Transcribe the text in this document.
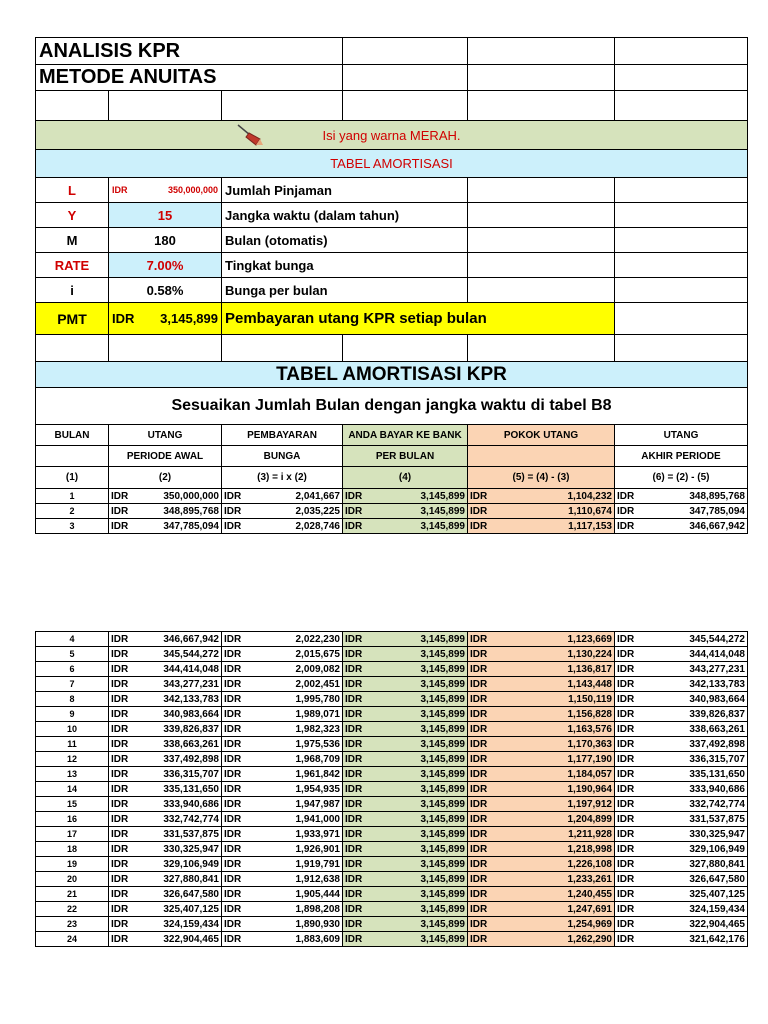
ANALISIS KPR					
METODE ANUITAS					

Isi yang warna MERAH.					

TABEL AMORTISASI					
L	IDR 350,000,000	Jumlah Pinjaman			
Y	15	Jangka waktu (dalam tahun)			
M	180	Bulan (otomatis)			
RATE	7.00%	Tingkat bunga			
i	0.58%	Bunga per bulan			
PMT	IDR 3,145,899	Pembayaran utang KPR setiap bulan			

TABEL AMORTISASI KPR					
Sesuaikan Jumlah Bulan dengan jangka waktu di tabel B8					
BULAN	UTANG	PEMBAYARAN	ANDA BAYAR KE BANK	POKOK UTANG	UTANG
	PERIODE AWAL	BUNGA	PER BULAN		AKHIR PERIODE
(1)	(2)	(3) = i x (2)	(4)	(5) = (4) - (3)	(6) = (2) - (5)
1	IDR 350,000,000	IDR 2,041,667	IDR 3,145,899	IDR 1,104,232	IDR 348,895,768

2	IDR 348,895,768	IDR 2,035,225	IDR 3,145,899	IDR 1,110,674	IDR 347,785,094

3	IDR 347,785,094	IDR 2,028,746	IDR 3,145,899	IDR 1,117,153	IDR 346,667,942
4	IDR 346,667,942	IDR 2,022,230	IDR 3,145,899	IDR 1,123,669	IDR 345,544,272

5	IDR 345,544,272	IDR 2,015,675	IDR 3,145,899	IDR 1,130,224	IDR 344,414,048

6	IDR 344,414,048	IDR 2,009,082	IDR 3,145,899	IDR 1,136,817	IDR 343,277,231

7	IDR 343,277,231	IDR 2,002,451	IDR 3,145,899	IDR 1,143,448	IDR 342,133,783

8	IDR 342,133,783	IDR 1,995,780	IDR 3,145,899	IDR 1,150,119	IDR 340,983,664

9	IDR 340,983,664	IDR 1,989,071	IDR 3,145,899	IDR 1,156,828	IDR 339,826,837

10	IDR 339,826,837	IDR 1,982,323	IDR 3,145,899	IDR 1,163,576	IDR 338,663,261

11	IDR 338,663,261	IDR 1,975,536	IDR 3,145,899	IDR 1,170,363	IDR 337,492,898

12	IDR 337,492,898	IDR 1,968,709	IDR 3,145,899	IDR 1,177,190	IDR 336,315,707

13	IDR 336,315,707	IDR 1,961,842	IDR 3,145,899	IDR 1,184,057	IDR 335,131,650

14	IDR 335,131,650	IDR 1,954,935	IDR 3,145,899	IDR 1,190,964	IDR 333,940,686

15	IDR 333,940,686	IDR 1,947,987	IDR 3,145,899	IDR 1,197,912	IDR 332,742,774

16	IDR 332,742,774	IDR 1,941,000	IDR 3,145,899	IDR 1,204,899	IDR 331,537,875

17	IDR 331,537,875	IDR 1,933,971	IDR 3,145,899	IDR 1,211,928	IDR 330,325,947

18	IDR 330,325,947	IDR 1,926,901	IDR 3,145,899	IDR 1,218,998	IDR 329,106,949

19	IDR 329,106,949	IDR 1,919,791	IDR 3,145,899	IDR 1,226,108	IDR 327,880,841

20	IDR 327,880,841	IDR 1,912,638	IDR 3,145,899	IDR 1,233,261	IDR 326,647,580

21	IDR 326,647,580	IDR 1,905,444	IDR 3,145,899	IDR 1,240,455	IDR 325,407,125

22	IDR 325,407,125	IDR 1,898,208	IDR 3,145,899	IDR 1,247,691	IDR 324,159,434

23	IDR 324,159,434	IDR 1,890,930	IDR 3,145,899	IDR 1,254,969	IDR 322,904,465

24	IDR 322,904,465	IDR 1,883,609	IDR 3,145,899	IDR 1,262,290	IDR 321,642,176
